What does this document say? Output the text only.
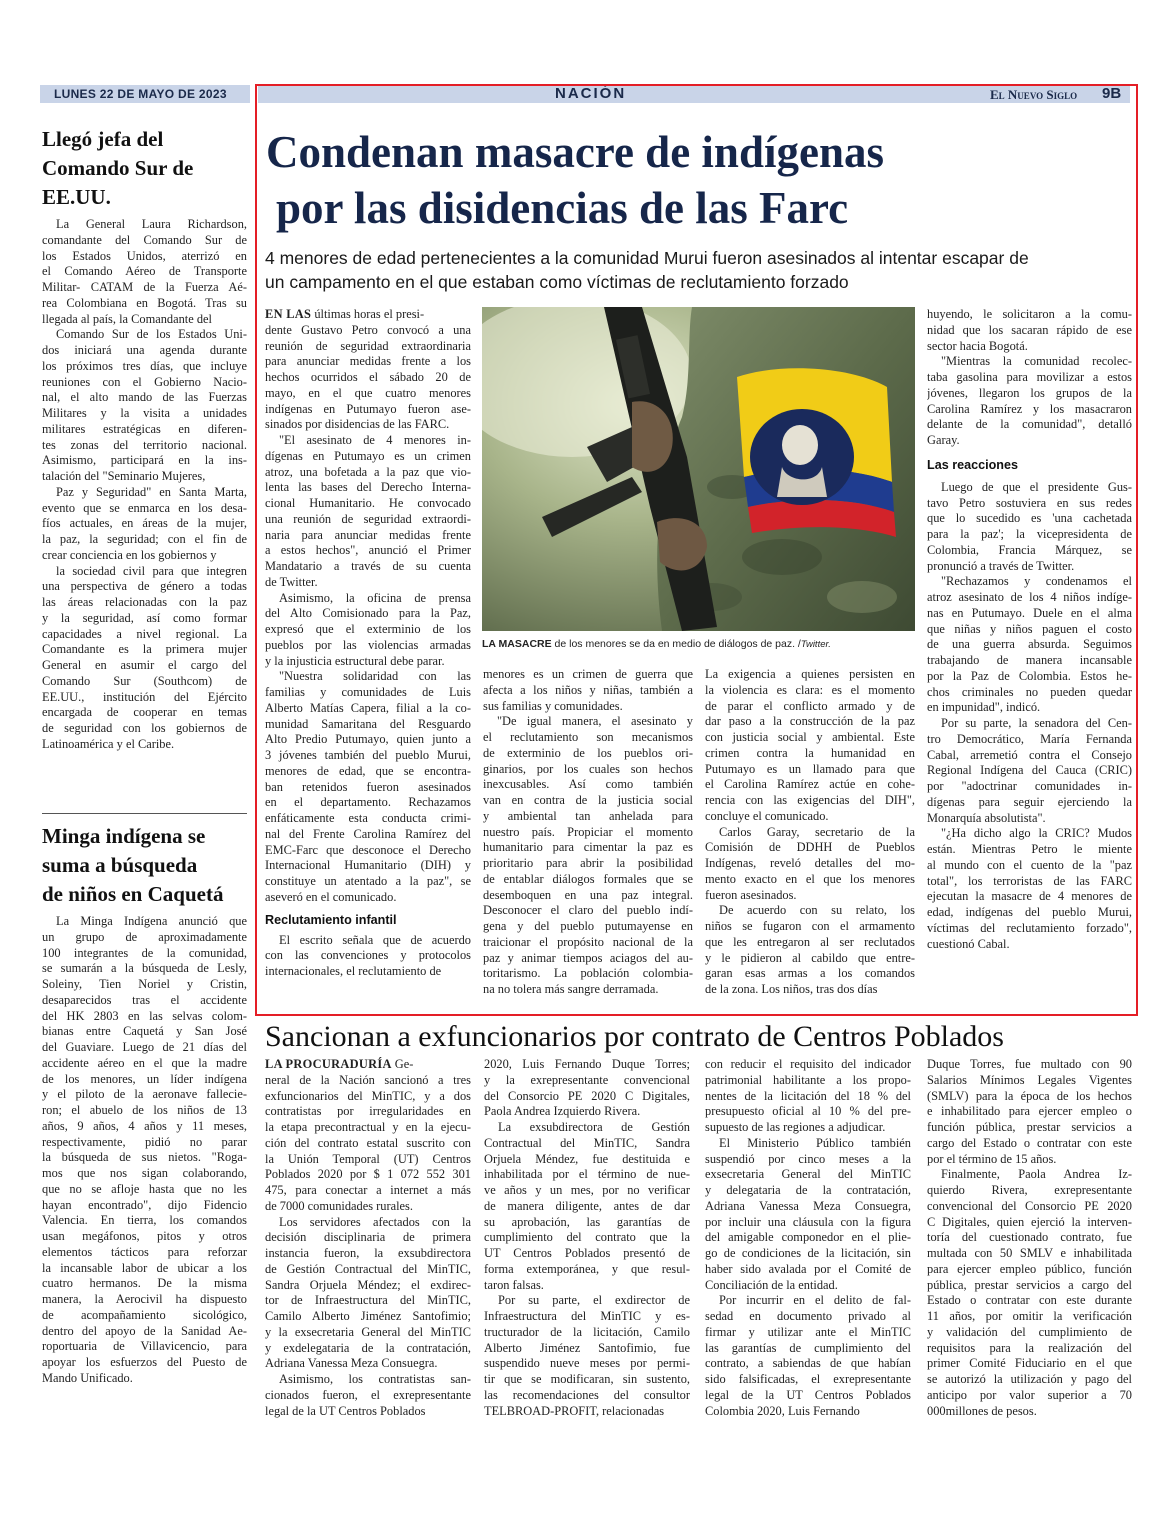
LUNES 22 DE MAYO DE 2023	NACIÓN	El Nuevo Siglo 9B
Llegó jefa del
Comando Sur de
EE.UU.
La General Laura Richardson,
comandante del Comando Sur de
los Estados Unidos, aterrizó en
el Comando Aéreo de Transporte
Militar- CATAM de la Fuerza Aé-
rea Colombiana en Bogotá. Tras su
llegada al país, la Comandante del
Comando Sur de los Estados Uni-
dos iniciará una agenda durante
los próximos tres días, que incluye
reuniones con el Gobierno Nacio-
nal, el alto mando de las Fuerzas
Militares y la visita a unidades
militares estratégicas en diferen-
tes zonas del territorio nacional.
Asimismo, participará en la ins-
talación del "Seminario Mujeres,
Paz y Seguridad" en Santa Marta,
evento que se enmarca en los desa-
fíos actuales, en áreas de la mujer,
la paz, la seguridad; con el fin de
crear conciencia en los gobiernos y
la sociedad civil para que integren
una perspectiva de género a todas
las áreas relacionadas con la paz
y la seguridad, así como formar
capacidades a nivel regional. La
Comandante es la primera mujer
General en asumir el cargo del
Comando Sur (Southcom) de
EE.UU., institución del Ejército
encargada de cooperar en temas
de seguridad con los gobiernos de
Latinoamérica y el Caribe.
Minga indígena se
suma a búsqueda
de niños en Caquetá
La Minga Indígena anunció que
un grupo de aproximadamente
100 integrantes de la comunidad,
se sumarán a la búsqueda de Lesly,
Soleiny, Tien Noriel y Cristin,
desaparecidos tras el accidente
del HK 2803 en las selvas colom-
bianas entre Caquetá y San José
del Guaviare. Luego de 21 días del
accidente aéreo en el que la madre
de los menores, un líder indígena
y el piloto de la aeronave fallecie-
ron; el abuelo de los niños de 13
años, 9 años, 4 años y 11 meses,
respectivamente, pidió no parar
la búsqueda de sus nietos. "Roga-
mos que nos sigan colaborando,
que no se afloje hasta que no les
hayan encontrado", dijo Fidencio
Valencia. En tierra, los comandos
usan megáfonos, pitos y otros
elementos tácticos para reforzar
la incansable labor de ubicar a los
cuatro hermanos. De la misma
manera, la Aerocivil ha dispuesto
de acompañamiento sicológico,
dentro del apoyo de la Sanidad Ae-
roportuaria de Villavicencio, para
apoyar los esfuerzos del Puesto de
Mando Unificado.
Condenan masacre de indígenas
por las disidencias de las Farc
4 menores de edad pertenecientes a la comunidad Murui fueron asesinados al intentar escapar de
un campamento en el que estaban como víctimas de reclutamiento forzado
LA MASACRE de los menores se da en medio de diálogos de paz. /Twitter.
EN LAS últimas horas el presi-
dente Gustavo Petro convocó a una
reunión de seguridad extraordinaria
para anunciar medidas frente a los
hechos ocurridos el sábado 20 de
mayo, en el que cuatro menores
indígenas en Putumayo fueron ase-
sinados por disidencias de las FARC.
"El asesinato de 4 menores in-
dígenas en Putumayo es un crimen
atroz, una bofetada a la paz que vio-
lenta las bases del Derecho Interna-
cional Humanitario. He convocado
una reunión de seguridad extraordi-
naria para anunciar medidas frente
a estos hechos", anunció el Primer
Mandatario a través de su cuenta
de Twitter.
Asimismo, la oficina de prensa
del Alto Comisionado para la Paz,
expresó que el exterminio de los
pueblos por las violencias armadas
y la injusticia estructural debe parar.
"Nuestra solidaridad con las
familias y comunidades de Luis
Alberto Matías Capera, filial a la co-
munidad Samaritana del Resguardo
Alto Predio Putumayo, quien junto a
3 jóvenes también del pueblo Murui,
menores de edad, que se encontra-
ban retenidos fueron asesinados
en el departamento. Rechazamos
enfáticamente esta conducta crimi-
nal del Frente Carolina Ramírez del
EMC-Farc que desconoce el Derecho
Internacional Humanitario (DIH) y
constituye un atentado a la paz", se
aseveró en el comunicado.
Reclutamiento infantil
El escrito señala que de acuerdo
con las convenciones y protocolos
internacionales, el reclutamiento de
menores es un crimen de guerra que
afecta a los niños y niñas, también a
sus familias y comunidades.
"De igual manera, el asesinato y
el reclutamiento son mecanismos
de exterminio de los pueblos ori-
ginarios, por los cuales son hechos
inexcusables. Así como también
van en contra de la justicia social
y ambiental tan anhelada para
nuestro país. Propiciar el momento
humanitario para cimentar la paz es
prioritario para abrir la posibilidad
de entablar diálogos formales que se
desemboquen en una paz integral.
Desconocer el claro del pueblo indí-
gena y del pueblo putumayense en
traicionar el propósito nacional de la
paz y animar tiempos aciagos del au-
toritarismo. La población colombia-
na no tolera más sangre derramada.
La exigencia a quienes persisten en
la violencia es clara: es el momento
de parar el conflicto armado y de
dar paso a la construcción de la paz
con justicia social y ambiental. Este
crimen contra la humanidad en
Putumayo es un llamado para que
el Carolina Ramírez actúe en cohe-
rencia con las exigencias del DIH",
concluye el comunicado.
Carlos Garay, secretario de la
Comisión de DDHH de Pueblos
Indígenas, reveló detalles del mo-
mento exacto en el que los menores
fueron asesinados.
De acuerdo con su relato, los
niños se fugaron con el armamento
que les entregaron al ser reclutados
y le pidieron al cabildo que entre-
garan esas armas a los comandos
de la zona. Los niños, tras dos días
huyendo, le solicitaron a la comu-
nidad que los sacaran rápido de ese
sector hacia Bogotá.
"Mientras la comunidad recolec-
taba gasolina para movilizar a estos
jóvenes, llegaron los grupos de la
Carolina Ramírez y los masacraron
delante de la comunidad", detalló
Garay.
Las reacciones
Luego de que el presidente Gus-
tavo Petro sostuviera en sus redes
que lo sucedido es 'una cachetada
para la paz'; la vicepresidenta de
Colombia, Francia Márquez, se
pronunció a través de Twitter.
"Rechazamos y condenamos el
atroz asesinato de los 4 niños indíge-
nas en Putumayo. Duele en el alma
que niñas y niños paguen el costo
de una guerra absurda. Seguimos
trabajando de manera incansable
por la Paz de Colombia. Estos he-
chos criminales no pueden quedar
en impunidad", indicó.
Por su parte, la senadora del Cen-
tro Democrático, María Fernanda
Cabal, arremetió contra el Consejo
Regional Indígena del Cauca (CRIC)
por "adoctrinar comunidades in-
dígenas para seguir ejerciendo la
Monarquía absolutista".
"¿Ha dicho algo la CRIC? Mudos
están. Mientras Petro le miente
al mundo con el cuento de la "paz
total", los terroristas de las FARC
ejecutan la masacre de 4 menores de
edad, indígenas del pueblo Murui,
víctimas del reclutamiento forzado",
cuestionó Cabal.
Sancionan a exfuncionarios por contrato de Centros Poblados
LA PROCURADURÍA Ge-
neral de la Nación sancionó a tres
exfuncionarios del MinTIC, y a dos
contratistas por irregularidades en
la etapa precontractual y en la ejecu-
ción del contrato estatal suscrito con
la Unión Temporal (UT) Centros
Poblados 2020 por $ 1 072 552 301
475, para conectar a internet a más
de 7000 comunidades rurales.
Los servidores afectados con la
decisión disciplinaria de primera
instancia fueron, la exsubdirectora
de Gestión Contractual del MinTIC,
Sandra Orjuela Méndez; el exdirec-
tor de Infraestructura del MinTIC,
Camilo Alberto Jiménez Santofimio;
y la exsecretaria General del MinTIC
y exdelegataria de la contratación,
Adriana Vanessa Meza Consuegra.
Asimismo, los contratistas san-
cionados fueron, el exrepresentante
legal de la UT Centros Poblados
2020, Luis Fernando Duque Torres;
y la exrepresentante convencional
del Consorcio PE 2020 C Digitales,
Paola Andrea Izquierdo Rivera.
La exsubdirectora de Gestión
Contractual del MinTIC, Sandra
Orjuela Méndez, fue destituida e
inhabilitada por el término de nue-
ve años y un mes, por no verificar
de manera diligente, antes de dar
su aprobación, las garantías de
cumplimiento del contrato que la
UT Centros Poblados presentó de
forma extemporánea, y que resul-
taron falsas.
Por su parte, el exdirector de
Infraestructura del MinTIC y es-
tructurador de la licitación, Camilo
Alberto Jiménez Santofimio, fue
suspendido nueve meses por permi-
tir que se modificaran, sin sustento,
las recomendaciones del consultor
TELBROAD-PROFIT, relacionadas
con reducir el requisito del indicador
patrimonial habilitante a los propo-
nentes de la licitación del 18 % del
presupuesto oficial al 10 % del pre-
supuesto de las regiones a adjudicar.
El Ministerio Público también
suspendió por cinco meses a la
exsecretaria General del MinTIC
y delegataria de la contratación,
Adriana Vanessa Meza Consuegra,
por incluir una cláusula con la figura
del amigable componedor en el plie-
go de condiciones de la licitación, sin
haber sido avalada por el Comité de
Conciliación de la entidad.
Por incurrir en el delito de fal-
sedad en documento privado al
firmar y utilizar ante el MinTIC
las garantías de cumplimiento del
contrato, a sabiendas de que habían
sido falsificadas, el exrepresentante
legal de la UT Centros Poblados
Colombia 2020, Luis Fernando
Duque Torres, fue multado con 90
Salarios Mínimos Legales Vigentes
(SMLV) para la época de los hechos
e inhabilitado para ejercer empleo o
función pública, prestar servicios a
cargo del Estado o contratar con este
por el término de 15 años.
Finalmente, Paola Andrea Iz-
quierdo Rivera, exrepresentante
convencional del Consorcio PE 2020
C Digitales, quien ejerció la interven-
toría del cuestionado contrato, fue
multada con 50 SMLV e inhabilitada
para ejercer empleo público, función
pública, prestar servicios a cargo del
Estado o contratar con este durante
11 años, por omitir la verificación
y validación del cumplimiento de
requisitos para la realización del
primer Comité Fiduciario en el que
se autorizó la utilización y pago del
anticipo por valor superior a 70
000millones de pesos.
